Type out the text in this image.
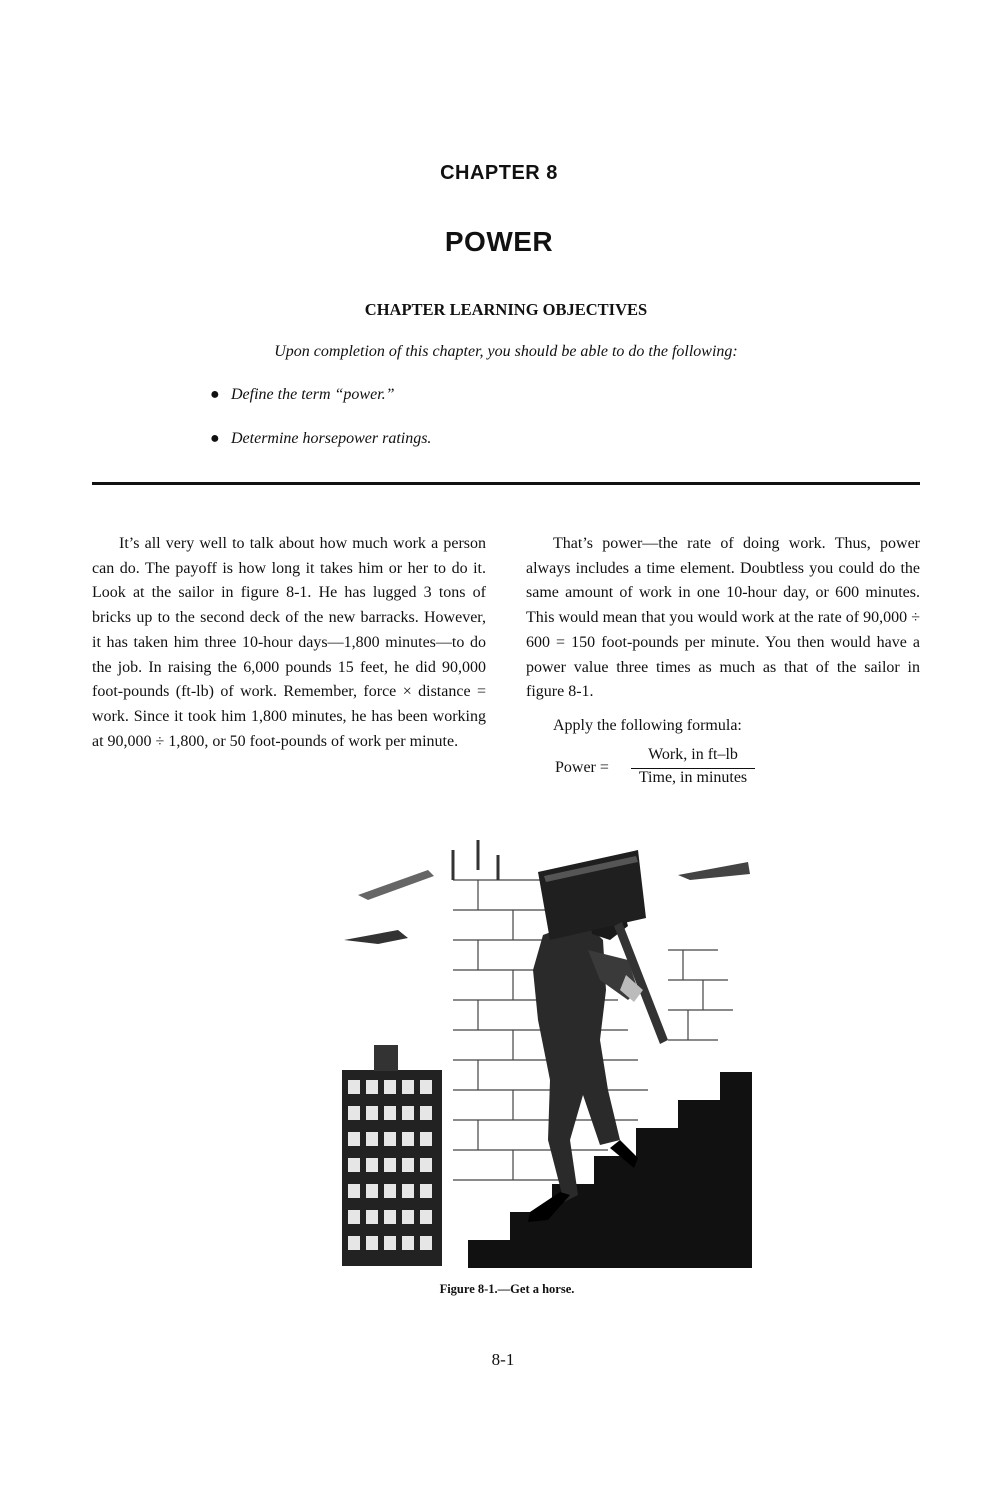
CHAPTER 8
POWER
CHAPTER LEARNING OBJECTIVES
Upon completion of this chapter, you should be able to do the following:
● Define the term “power.”
● Determine horsepower ratings.

It’s all very well to talk about how much work a person can do. The payoff is how long it takes him or her to do it. Look at the sailor in figure 8-1. He has lugged 3 tons of bricks up to the second deck of the new barracks. However, it has taken him three 10-hour days—1,800 minutes—to do the job. In raising the 6,000 pounds 15 feet, he did 90,000 foot-pounds (ft-lb) of work. Remember, force × distance = work. Since it took him 1,800 minutes, he has been working at 90,000 ÷ 1,800, or 50 foot-pounds of work per minute.

That’s power—the rate of doing work. Thus, power always includes a time element. Doubtless you could do the same amount of work in one 10-hour day, or 600 minutes. This would mean that you would work at the rate of 90,000 ÷ 600 = 150 foot-pounds per minute. You then would have a power value three times as much as that of the sailor in figure 8-1.

Apply the following formula:

Power =
Work, in ft–lb
Time, in minutes
Figure 8-1.—Get a horse.
8-1
